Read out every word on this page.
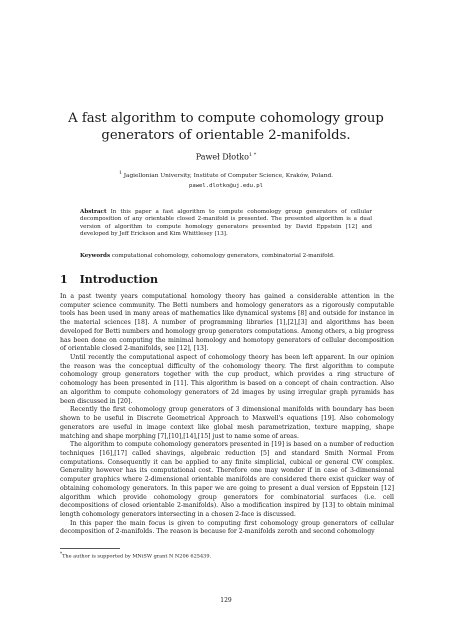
A fast algorithm to compute cohomology group generators of orientable 2-manifolds.
Paweł Dłotko$^{1 *}$
$^1$ Jagiellonian University, Institute of Computer Science, Kraków, Poland.
pawel.dlotko@uj.edu.pl
Abstract In this paper a fast algorithm to compute cohomology group generators of cellular decomposition of any orientable closed 2-manifold is presented. The presented algorithm is a dual version of algorithm to compute homology generators presented by David Eppstein [12] and developed by Jeff Erickson and Kim Whittlesey [13].
Keywords computational cohomology, cohomology generators, combinatorial 2-manifold.
1 Introduction

In a past twenty years computational homology theory has gained a considerable attention in the computer science community. The Betti numbers and homology generators as a rigorously computable tools has been used in many areas of mathematics like dynamical systems [8] and outside for instance in the material sciences [18]. A number of programming libraries [1],[2],[3] and algorithms has been developed for Betti numbers and homology group generators computations. Among others, a big progress has been done on computing the minimal homology and homotopy generators of cellular decomposition of orientable closed 2-manifolds, see [12], [13].

Until recently the computational aspect of cohomology theory has been left apparent. In our opinion the reason was the conceptual difficulty of the cohomology theory. The first algorithm to compute cohomology group generators together with the cup product, which provides a ring structure of cohomology has been presented in [11]. This algorithm is based on a concept of chain contraction. Also an algorithm to compute cohomology generators of 2d images by using irregular graph pyramids has been discussed in [20].

Recently the first cohomology group generators of 3 dimensional manifolds with boundary has been shown to be useful in Discrete Geometrical Approach to Maxwell's equations [19]. Also cohomology generators are useful in image context like global mesh parametrization, texture mapping, shape matching and shape morphing [7],[10],[14],[15] just to name some of areas.

The algorithm to compute cohomology generators presented in [19] is based on a number of reduction techniques [16],[17] called shavings, algebraic reduction [5] and standard Smith Normal From computations. Consequently it can be applied to any finite simplicial, cubical or general CW complex. Generality however has its computational cost. Therefore one may wonder if in case of 3-dimensional computer graphics where 2-dimensional orientable manifolds are considered there exist quicker way of obtaining cohomology generators. In this paper we are going to present a dual version of Eppstein [12] algorithm which provide cohomology group generators for combinatorial surfaces (i.e. cell decompositions of closed orientable 2-manifolds). Also a modification inspired by [13] to obtain minimal length cohomology generators intersecting in a chosen 2-face is discussed.

In this paper the main focus is given to computing first cohomology group generators of cellular decomposition of 2-manifolds. The reason is because for 2-manifolds zeroth and second cohomology

*The author is supported by MNiSW grant N N206 625439.
129
